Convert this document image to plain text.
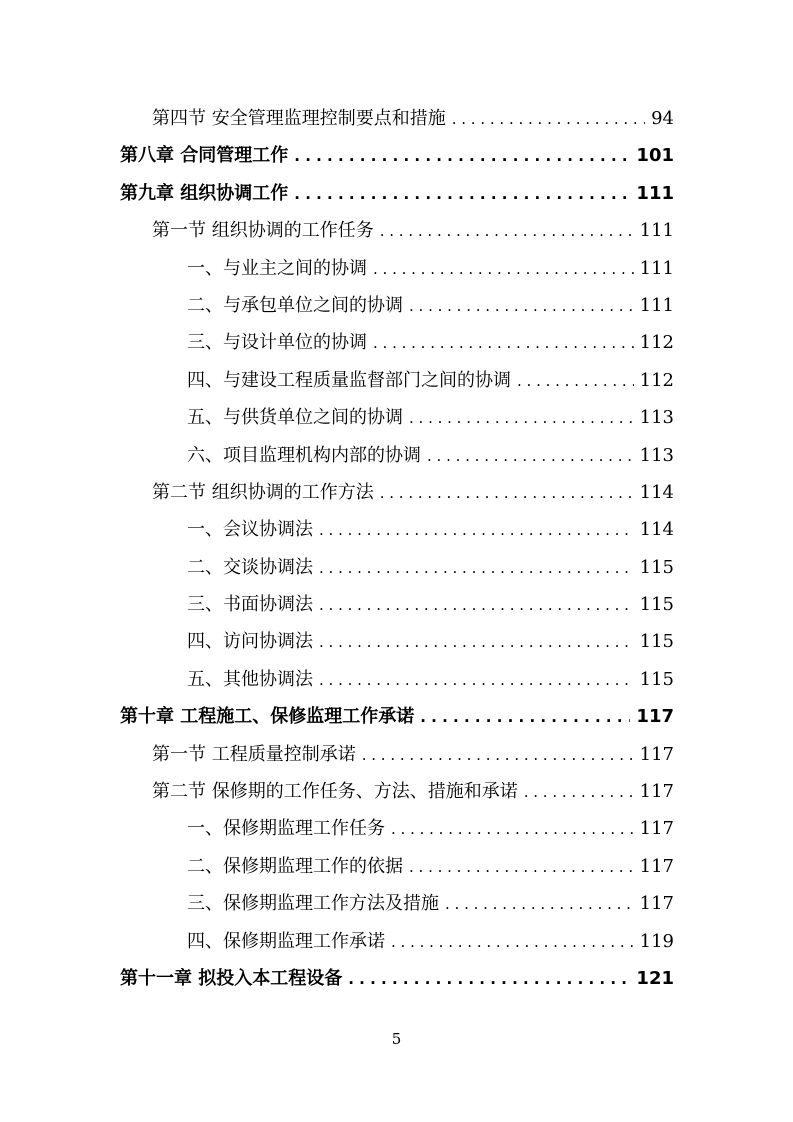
第四节 安全管理监理控制要点和措施 . . .	94
第八章 合同管理工作 . . .	101
第九章 组织协调工作 . . .	111
第一节 组织协调的工作任务 . . .	111
一、与业主之间的协调 . . .	111
二、与承包单位之间的协调 . . .	111
三、与设计单位的协调 . . .	112
四、与建设工程质量监督部门之间的协调 . . .	112
五、与供货单位之间的协调 . . .	113
六、项目监理机构内部的协调 . . .	113
第二节 组织协调的工作方法 . . .	114
一、会议协调法 . . .	114
二、交谈协调法 . . .	115
三、书面协调法 . . .	115
四、访问协调法 . . .	115
五、其他协调法 . . .	115
第十章 工程施工、保修监理工作承诺 . . .	117
第一节 工程质量控制承诺 . . .	117
第二节 保修期的工作任务、方法、措施和承诺 . . .	117
一、保修期监理工作任务 . . .	117
二、保修期监理工作的依据 . . .	117
三、保修期监理工作方法及措施 . . .	117
四、保修期监理工作承诺 . . .	119
第十一章 拟投入本工程设备 . . .	121
5
